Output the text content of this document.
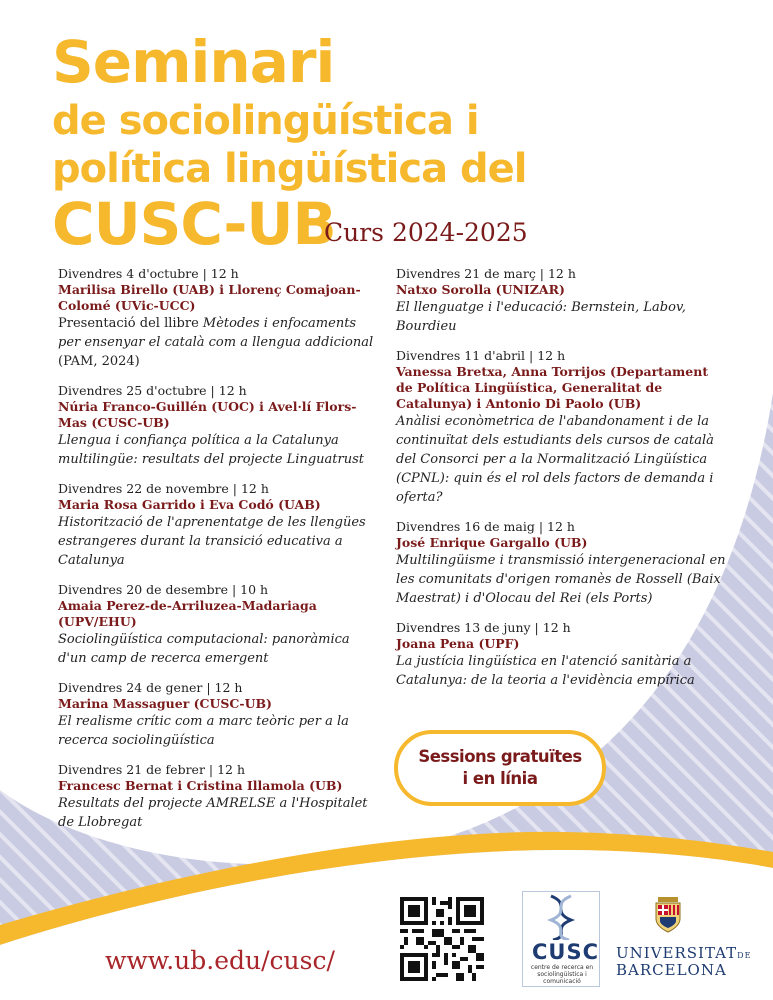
Seminari
de sociolingüística i
política lingüística del
CUSC-UB
Curs 2024-2025
Divendres 4 d'octubre | 12 h
Marilisa Birello (UAB) i Llorenç Comajoan-Colomé (UVic-UCC)
Presentació del llibre Mètodes i enfocaments per ensenyar el català com a llengua addicional (PAM, 2024)
Divendres 25 d'octubre | 12 h
Núria Franco-Guillén (UOC) i Avel·lí Flors-Mas (CUSC-UB)
Llengua i confiança política a la Catalunya multilingüe: resultats del projecte Linguatrust
Divendres 22 de novembre | 12 h
Maria Rosa Garrido i Eva Codó (UAB)
Historització de l'aprenentatge de les llengües estrangeres durant la transició educativa a Catalunya
Divendres 20 de desembre | 10 h
Amaia Perez-de-Arriluzea-Madariaga (UPV/EHU)
Sociolingüística computacional: panoràmica d'un camp de recerca emergent
Divendres 24 de gener | 12 h
Marina Massaguer (CUSC-UB)
El realisme crític com a marc teòric per a la recerca sociolingüística
Divendres 21 de febrer | 12 h
Francesc Bernat i Cristina Illamola (UB)
Resultats del projecte AMRELSE a l'Hospitalet de Llobregat
Divendres 21 de març | 12 h
Natxo Sorolla (UNIZAR)
El llenguatge i l'educació: Bernstein, Labov, Bourdieu
Divendres 11 d'abril | 12 h
Vanessa Bretxa, Anna Torrijos (Departament de Política Lingüística, Generalitat de Catalunya) i Antonio Di Paolo (UB)
Anàlisi econòmetrica de l'abandonament i de la continuïtat dels estudiants dels cursos de català del Consorci per a la Normalització Lingüística (CPNL): quin és el rol dels factors de demanda i oferta?
Divendres 16 de maig | 12 h
José Enrique Gargallo (UB)
Multilingüisme i transmissió intergeneracional en les comunitats d'origen romanès de Rossell (Baix Maestrat) i d'Olocau del Rei (els Ports)
Divendres 13 de juny | 12 h
Joana Pena (UPF)
La justícia lingüística en l'atenció sanitària a Catalunya: de la teoria a l'evidència empírica
Sessions gratuïtes
i en línia
www.ub.edu/cusc/	CUSC
centre de recerca en sociolingüística i comunicació
UNIVERSITATDE
BARCELONA
